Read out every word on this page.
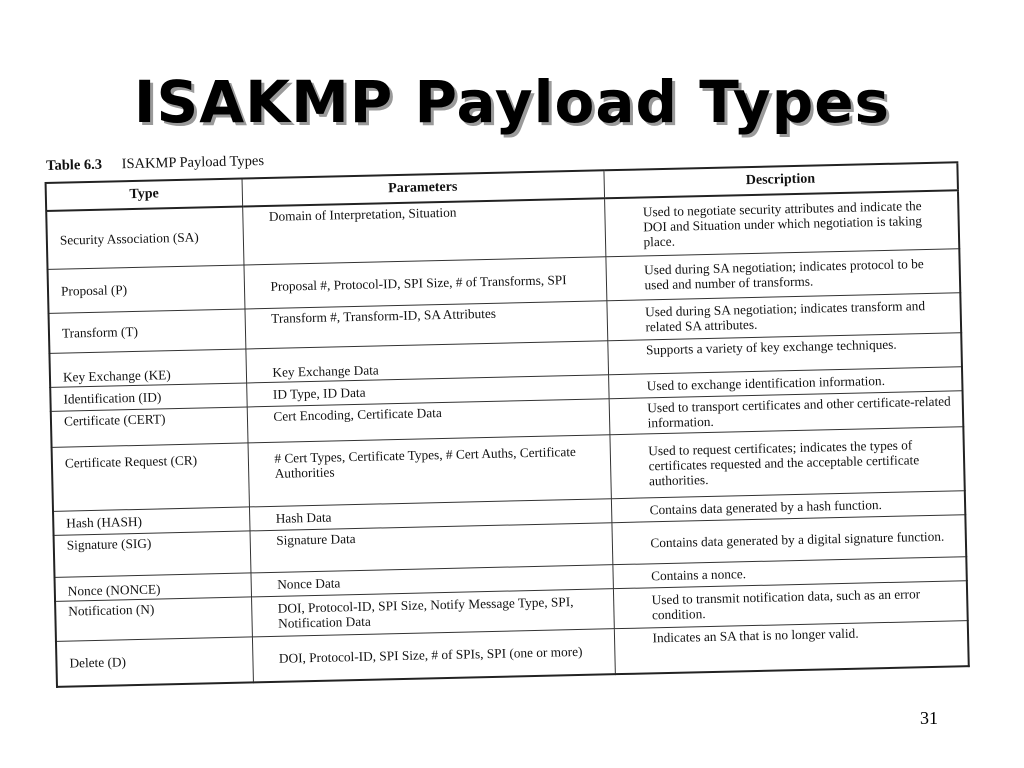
ISAKMP Payload Types
Table 6.3 ISAKMP Payload Types
Type	Parameters	Description
Security Association (SA)	Domain of Interpretation, Situation	Used to negotiate security attributes and indicate the DOI and Situation under which negotiation is taking place.
Proposal (P)	Proposal #, Protocol-ID, SPI Size, # of Transforms, SPI	Used during SA negotiation; indicates protocol to be used and number of transforms.
Transform (T)	Transform #, Transform-ID, SA Attributes	Used during SA negotiation; indicates transform and related SA attributes.
Key Exchange (KE)	Key Exchange Data	Supports a variety of key exchange techniques.
Identification (ID)	ID Type, ID Data	Used to exchange identification information.
Certificate (CERT)	Cert Encoding, Certificate Data	Used to transport certificates and other certificate-related information.
Certificate Request (CR)	# Cert Types, Certificate Types, # Cert Auths, Certificate Authorities	Used to request certificates; indicates the types of certificates requested and the acceptable certificate authorities.
Hash (HASH)	Hash Data	Contains data generated by a hash function.
Signature (SIG)	Signature Data	Contains data generated by a digital signature function.
Nonce (NONCE)	Nonce Data	Contains a nonce.
Notification (N)	DOI, Protocol-ID, SPI Size, Notify Message Type, SPI, Notification Data	Used to transmit notification data, such as an error condition.
Delete (D)	DOI, Protocol-ID, SPI Size, # of SPIs, SPI (one or more)	Indicates an SA that is no longer valid.
31
